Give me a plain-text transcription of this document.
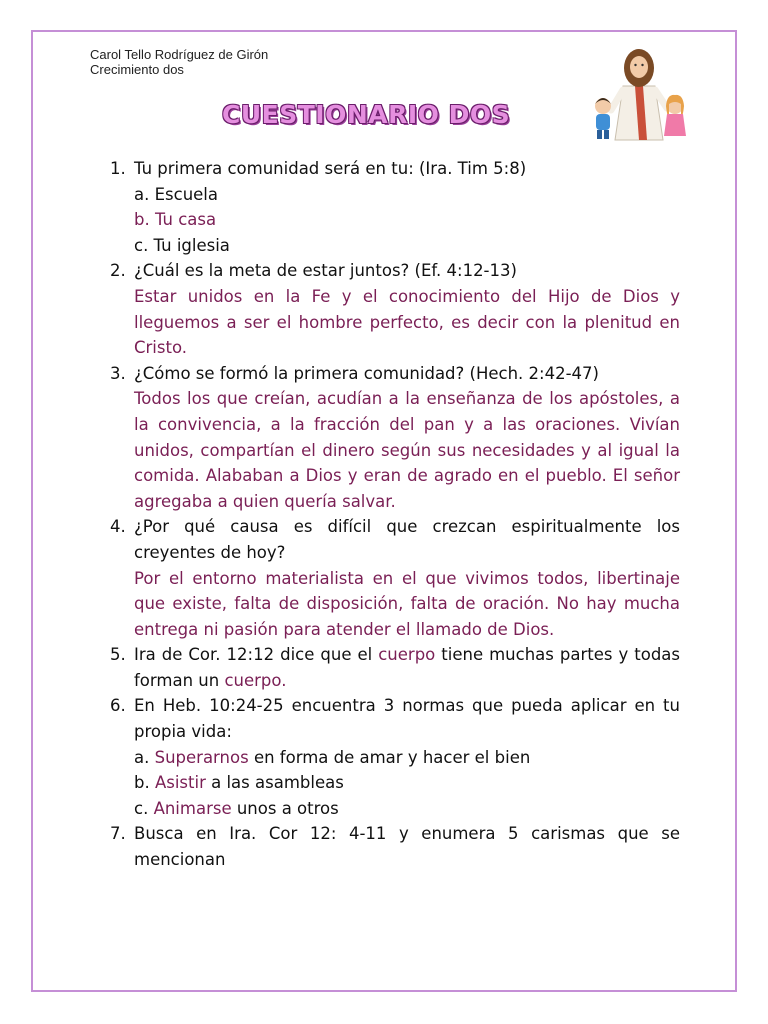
Carol Tello Rodríguez de Girón
Crecimiento dos
CUESTIONARIO DOS
1. Tu primera comunidad será en tu: (Ira. Tim 5:8)
a. Escuela
b. Tu casa
c. Tu iglesia
2. ¿Cuál es la meta de estar juntos? (Ef. 4:12-13)
Estar unidos en la Fe y el conocimiento del Hijo de Dios y lleguemos a ser el hombre perfecto, es decir con la plenitud en Cristo.
3. ¿Cómo se formó la primera comunidad? (Hech. 2:42-47)
Todos los que creían, acudían a la enseñanza de los apóstoles, a la convivencia, a la fracción del pan y a las oraciones. Vivían unidos, compartían el dinero según sus necesidades y al igual la comida. Alababan a Dios y eran de agrado en el pueblo. El señor agregaba a quien quería salvar.
4. ¿Por qué causa es difícil que crezcan espiritualmente los creyentes de hoy?
Por el entorno materialista en el que vivimos todos, libertinaje que existe, falta de disposición, falta de oración. No hay mucha entrega ni pasión para atender el llamado de Dios.
5. Ira de Cor. 12:12 dice que el cuerpo tiene muchas partes y todas forman un cuerpo.
6. En Heb. 10:24-25 encuentra 3 normas que pueda aplicar en tu propia vida:
a. Superarnos en forma de amar y hacer el bien
b. Asistir a las asambleas
c. Animarse unos a otros
7. Busca en Ira. Cor 12: 4-11 y enumera 5 carismas que se mencionan
